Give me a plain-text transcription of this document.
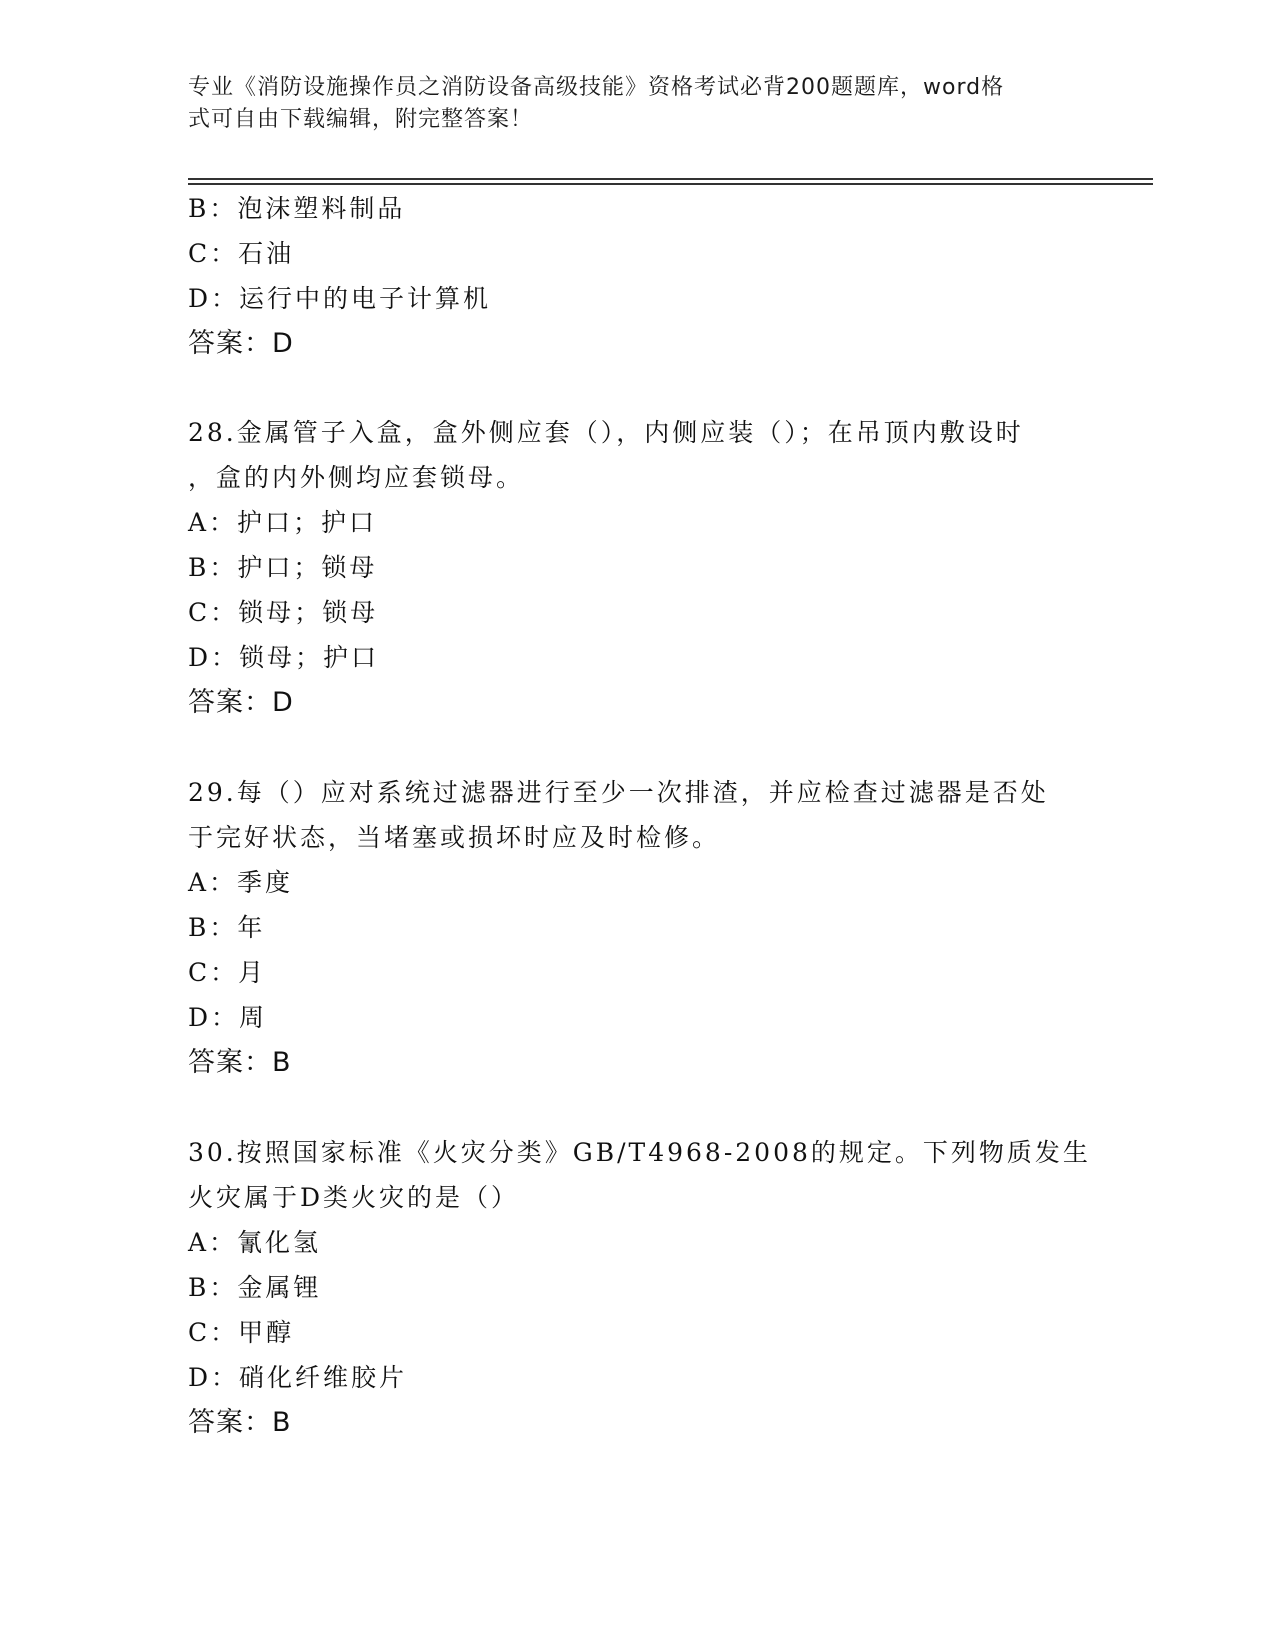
专业《消防设施操作员之消防设备高级技能》资格考试必背200题题库，word格
式可自由下载编辑，附完整答案！
B：泡沫塑料制品
C：石油
D：运行中的电子计算机
答案：D
28.金属管子入盒，盒外侧应套（），内侧应装（）；在吊顶内敷设时
，盒的内外侧均应套锁母。
A：护口；护口
B：护口；锁母
C：锁母；锁母
D：锁母；护口
答案：D
29.每（）应对系统过滤器进行至少一次排渣，并应检查过滤器是否处
于完好状态，当堵塞或损坏时应及时检修。
A：季度
B：年
C：月
D：周
答案：B
30.按照国家标准《火灾分类》GB/T4968-2008的规定。下列物质发生
火灾属于D类火灾的是（）
A：氰化氢
B：金属锂
C：甲醇
D：硝化纤维胶片
答案：B
